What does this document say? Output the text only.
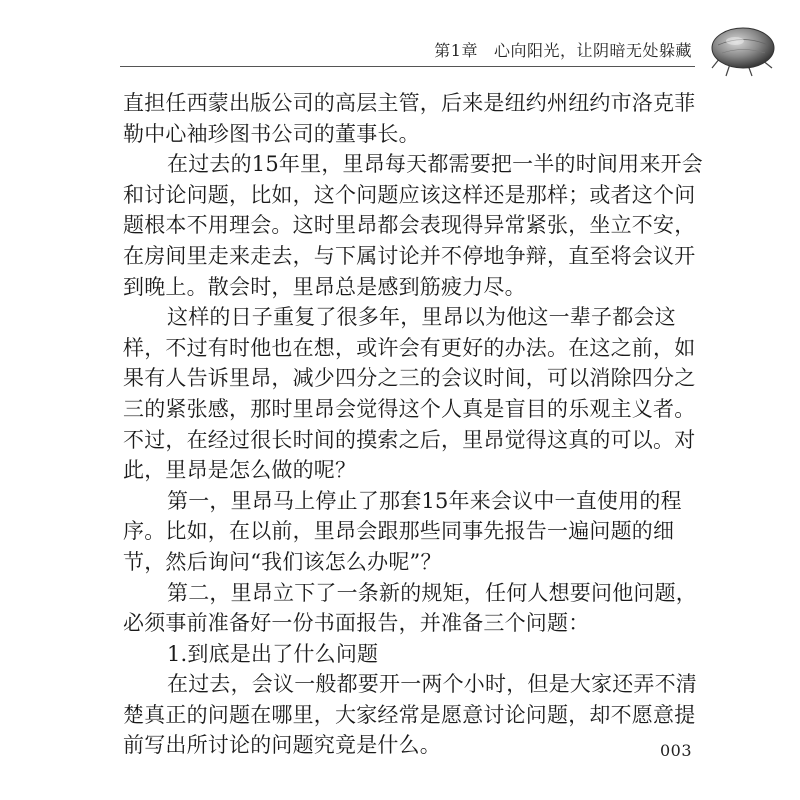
第1章 心向阳光，让阴暗无处躲藏
直担任西蒙出版公司的高层主管，后来是纽约州纽约市洛克菲
勒中心袖珍图书公司的董事长。
在过去的15年里，里昂每天都需要把一半的时间用来开会
和讨论问题，比如，这个问题应该这样还是那样；或者这个问
题根本不用理会。这时里昂都会表现得异常紧张，坐立不安，
在房间里走来走去，与下属讨论并不停地争辩，直至将会议开
到晚上。散会时，里昂总是感到筋疲力尽。
这样的日子重复了很多年，里昂以为他这一辈子都会这
样，不过有时他也在想，或许会有更好的办法。在这之前，如
果有人告诉里昂，减少四分之三的会议时间，可以消除四分之
三的紧张感，那时里昂会觉得这个人真是盲目的乐观主义者。
不过，在经过很长时间的摸索之后，里昂觉得这真的可以。对
此，里昂是怎么做的呢？
第一，里昂马上停止了那套15年来会议中一直使用的程
序。比如，在以前，里昂会跟那些同事先报告一遍问题的细
节，然后询问“我们该怎么办呢”？
第二，里昂立下了一条新的规矩，任何人想要问他问题，
必须事前准备好一份书面报告，并准备三个问题：
1.到底是出了什么问题
在过去，会议一般都要开一两个小时，但是大家还弄不清
楚真正的问题在哪里，大家经常是愿意讨论问题，却不愿意提
前写出所讨论的问题究竟是什么。	003
